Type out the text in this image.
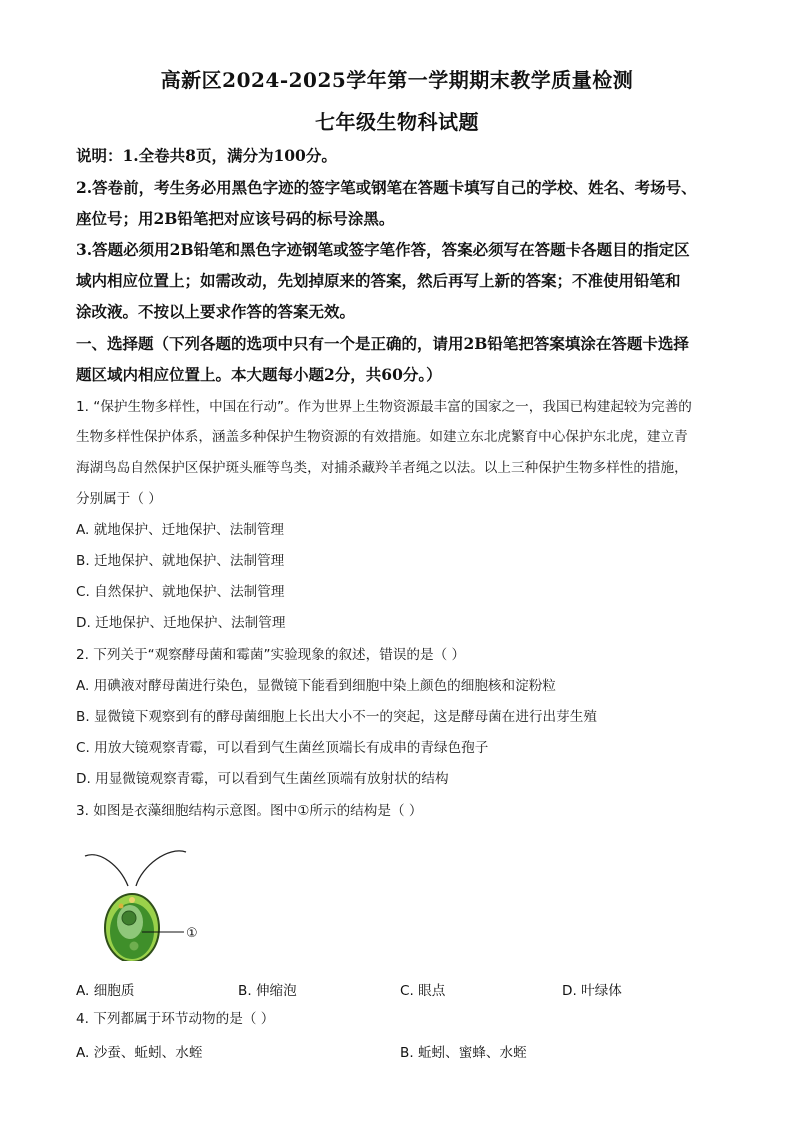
高新区2024-2025学年第一学期期末教学质量检测
七年级生物科试题
说明：1.全卷共8页，满分为100分。
2.答卷前，考生务必用黑色字迹的签字笔或钢笔在答题卡填写自己的学校、姓名、考场号、
座位号；用2B铅笔把对应该号码的标号涂黑。
3.答题必须用2B铅笔和黑色字迹钢笔或签字笔作答，答案必须写在答题卡各题目的指定区
域内相应位置上；如需改动，先划掉原来的答案，然后再写上新的答案；不准使用铅笔和
涂改液。不按以上要求作答的答案无效。
一、选择题（下列各题的选项中只有一个是正确的，请用2B铅笔把答案填涂在答题卡选择
题区域内相应位置上。本大题每小题2分，共60分。）
1. “保护生物多样性，中国在行动”。作为世界上生物资源最丰富的国家之一，我国已构建起较为完善的
生物多样性保护体系，涵盖多种保护生物资源的有效措施。如建立东北虎繁育中心保护东北虎，建立青
海湖鸟岛自然保护区保护斑头雁等鸟类，对捕杀藏羚羊者绳之以法。以上三种保护生物多样性的措施，
分别属于（ ）
A. 就地保护、迁地保护、法制管理
B. 迁地保护、就地保护、法制管理
C. 自然保护、就地保护、法制管理
D. 迁地保护、迁地保护、法制管理
2. 下列关于“观察酵母菌和霉菌”实验现象的叙述，错误的是（ ）
A. 用碘液对酵母菌进行染色，显微镜下能看到细胞中染上颜色的细胞核和淀粉粒
B. 显微镜下观察到有的酵母菌细胞上长出大小不一的突起，这是酵母菌在进行出芽生殖
C. 用放大镜观察青霉，可以看到气生菌丝顶端长有成串的青绿色孢子
D. 用显微镜观察青霉，可以看到气生菌丝顶端有放射状的结构
3. 如图是衣藻细胞结构示意图。图中①所示的结构是（ ）
①
A. 细胞质	B. 伸缩泡	C. 眼点	D. 叶绿体
4. 下列都属于环节动物的是（ ）
A. 沙蚕、蚯蚓、水蛭	B. 蚯蚓、蜜蜂、水蛭
